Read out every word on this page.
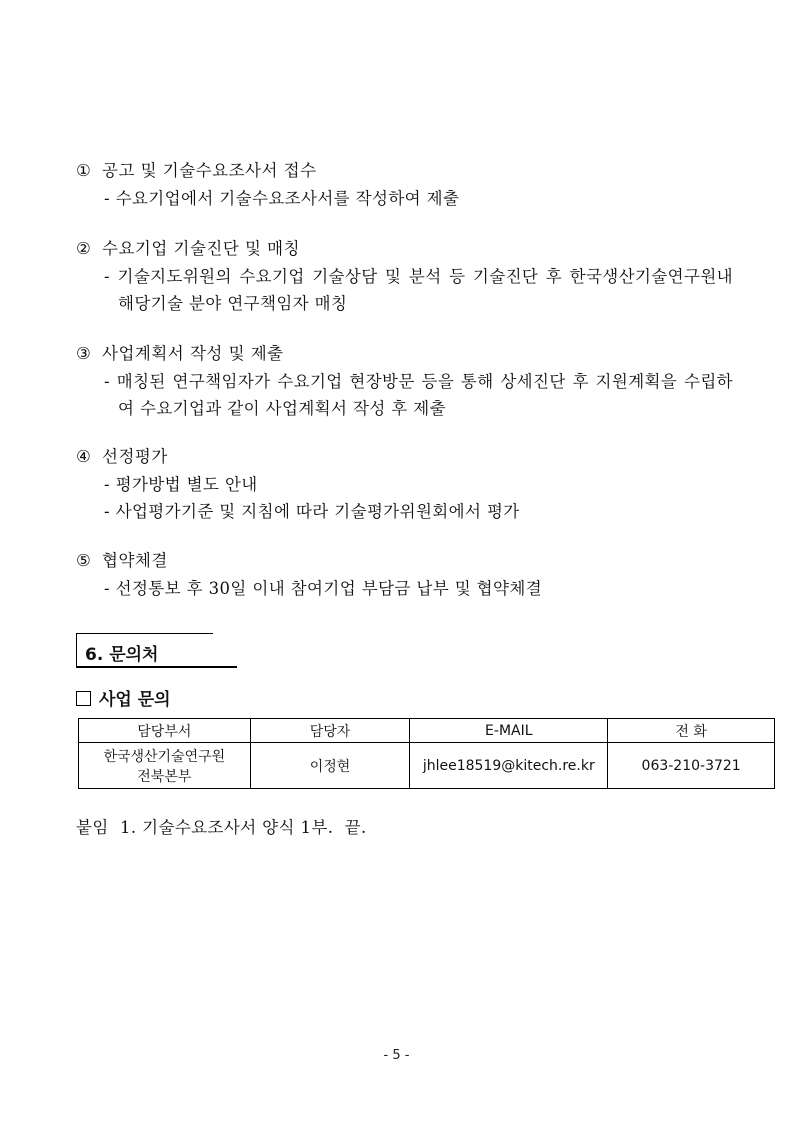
① 공고 및 기술수요조사서 접수
- 수요기업에서 기술수요조사서를 작성하여 제출
② 수요기업 기술진단 및 매칭
- 기술지도위원의 수요기업 기술상담 및 분석 등 기술진단 후 한국생산기술연구원내 해당기술 분야 연구책임자 매칭
③ 사업계획서 작성 및 제출
- 매칭된 연구책임자가 수요기업 현장방문 등을 통해 상세진단 후 지원계획을 수립하여 수요기업과 같이 사업계획서 작성 후 제출
④ 선정평가
- 평가방법 별도 안내
- 사업평가기준 및 지침에 따라 기술평가위원회에서 평가
⑤ 협약체결
- 선정통보 후 30일 이내 참여기업 부담금 납부 및 협약체결
6. 문의처
사업 문의
담당부서	담당자	E-MAIL	전 화

한국생산기술연구원
전북본부	이정현	jhlee18519@kitech.re.kr	063-210-3721
붙임  1. 기술수요조사서 양식 1부.  끝.
- 5 -
